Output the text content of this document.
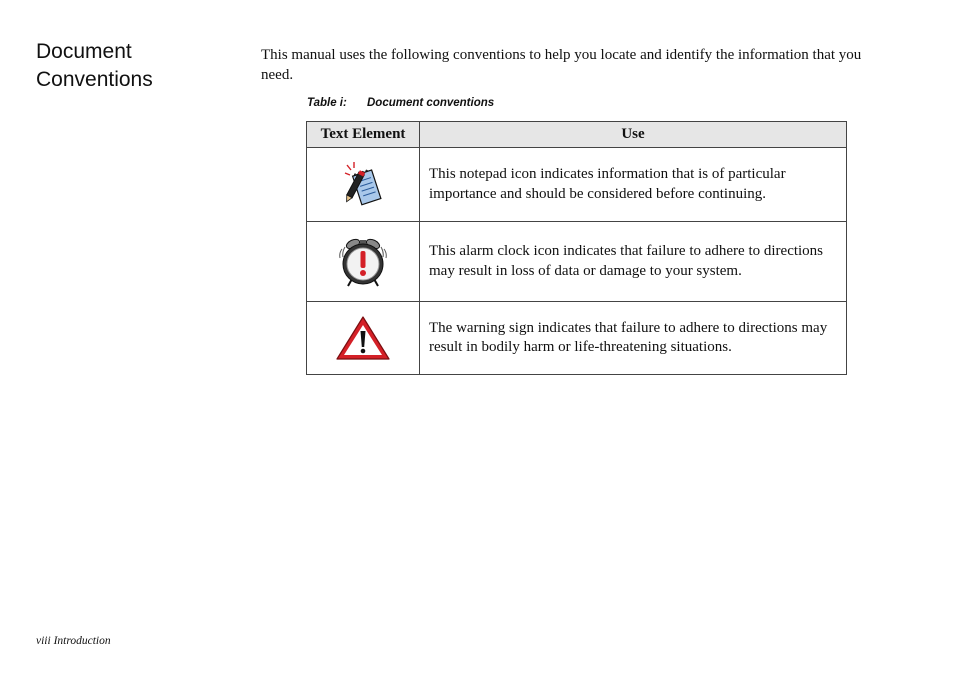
Document
Conventions

This manual uses the following conventions to help you locate and identify the information that you need.

Table i: Document conventions
Text Element	Use

	This notepad icon indicates information that is of particular importance and should be considered before continuing.

	This alarm clock icon indicates that failure to adhere to directions may result in loss of data or damage to your system.

	The warning sign indicates that failure to adhere to directions may result in bodily harm or life-threatening situations.
viii Introduction
